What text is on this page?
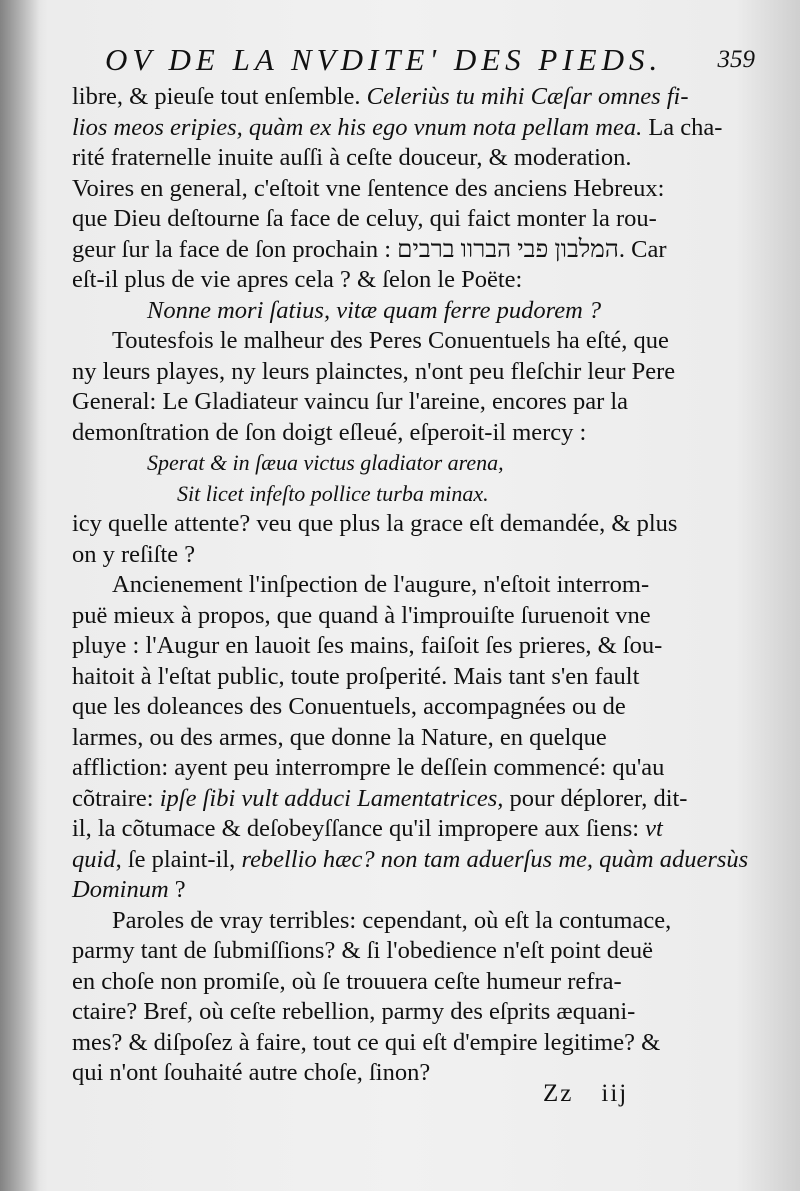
OV DE LA NVDITE' DES PIEDS. 359
libre, & pieuſe tout enſemble. Celeriùs tu mihi Cæſar omnes fi-
lios meos eripies, quàm ex his ego vnum nota pellam mea. La cha-
rité fraternelle inuite auſſi à ceſte douceur, & moderation.
Voires en general, c'eſtoit vne ſentence des anciens Hebreux:
que Dieu deſtourne ſa face de celuy, qui faict monter la rou-
geur ſur la face de ſon prochain : המלבון פבי הברוו ברבים. Car
eſt-il plus de vie apres cela ? & ſelon le Poëte:
Nonne mori ſatius, vitæ quam ferre pudorem ?
Toutesfois le malheur des Peres Conuentuels ha eſté, que
ny leurs playes, ny leurs plainctes, n'ont peu fleſchir leur Pere
General: Le Gladiateur vaincu ſur l'areine, encores par la
demonſtration de ſon doigt eſleué, eſperoit-il mercy :
Sperat & in ſæua victus gladiator arena,
Sit licet infeſto pollice turba minax.
icy quelle attente? veu que plus la grace eſt demandée, & plus
on y reſiſte ?
Ancienement l'inſpection de l'augure, n'eſtoit interrom-
puë mieux à propos, que quand à l'improuiſte ſuruenoit vne
pluye : l'Augur en lauoit ſes mains, faiſoit ſes prieres, & ſou-
haitoit à l'eſtat public, toute proſperité. Mais tant s'en fault
que les doleances des Conuentuels, accompagnées ou de
larmes, ou des armes, que donne la Nature, en quelque
affliction: ayent peu interrompre le deſſein commencé: qu'au
cõtraire: ipſe ſibi vult adduci Lamentatrices, pour déplorer, dit-
il, la cõtumace & deſobeyſſance qu'il impropere aux ſiens: vt
quid, ſe plaint-il, rebellio hæc? non tam aduerſus me, quàm aduersùs
Dominum ?
Paroles de vray terribles: cependant, où eſt la contumace,
parmy tant de ſubmiſſions? & ſi l'obedience n'eſt point deuë
en choſe non promiſe, où ſe trouuera ceſte humeur refra-
ctaire? Bref, où ceſte rebellion, parmy des eſprits æquani-
mes? & diſpoſez à faire, tout ce qui eſt d'empire legitime? &
qui n'ont ſouhaité autre choſe, ſinon?
Zz iij
